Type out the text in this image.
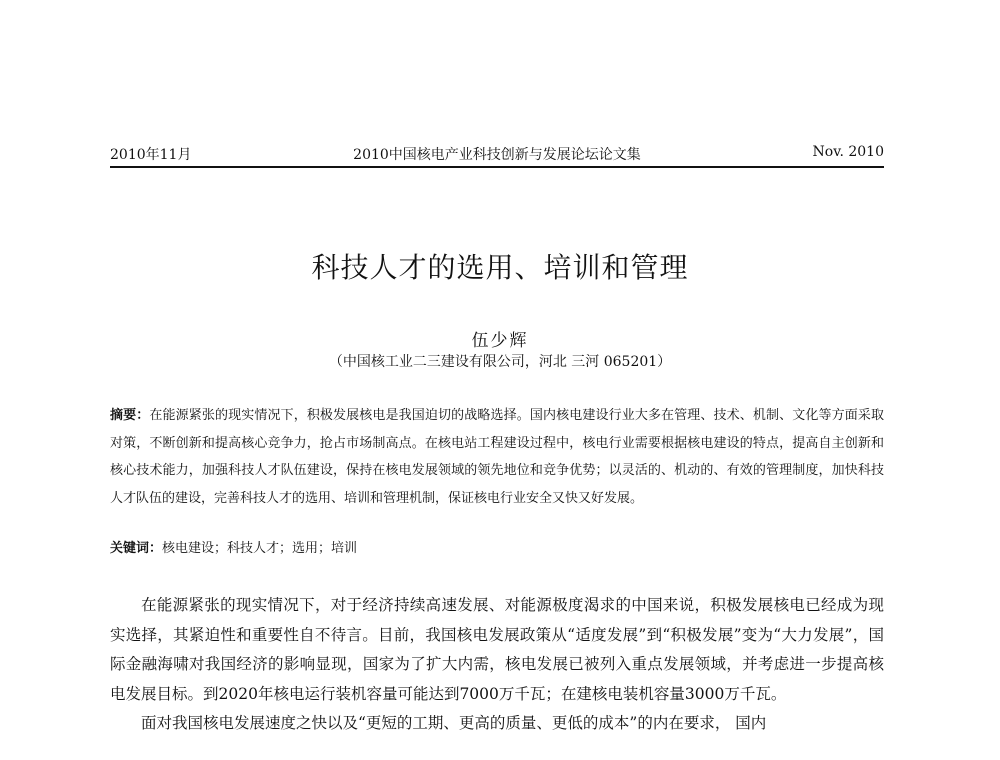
2010年11月	2010中国核电产业科技创新与发展论坛论文集	Nov. 2010
科技人才的选用、培训和管理
伍少辉
（中国核工业二三建设有限公司，河北 三河 065201）
摘要：在能源紧张的现实情况下，积极发展核电是我国迫切的战略选择。国内核电建设行业大多在管理、技术、机制、文化等方面采取对策，不断创新和提高核心竞争力，抢占市场制高点。在核电站工程建设过程中，核电行业需要根据核电建设的特点，提高自主创新和核心技术能力，加强科技人才队伍建设，保持在核电发展领域的领先地位和竞争优势；以灵活的、机动的、有效的管理制度，加快科技人才队伍的建设，完善科技人才的选用、培训和管理机制，保证核电行业安全又快又好发展。
关键词：核电建设；科技人才；选用；培训

在能源紧张的现实情况下，对于经济持续高速发展、对能源极度渴求的中国来说，积极发展核电已经成为现实选择，其紧迫性和重要性自不待言。目前，我国核电发展政策从“适度发展”到“积极发展”变为“大力发展”，国际金融海啸对我国经济的影响显现，国家为了扩大内需，核电发展已被列入重点发展领域，并考虑进一步提高核电发展目标。到2020年核电运行装机容量可能达到7000万千瓦；在建核电装机容量3000万千瓦。

面对我国核电发展速度之快以及“更短的工期、更高的质量、更低的成本”的内在要求， 国内
